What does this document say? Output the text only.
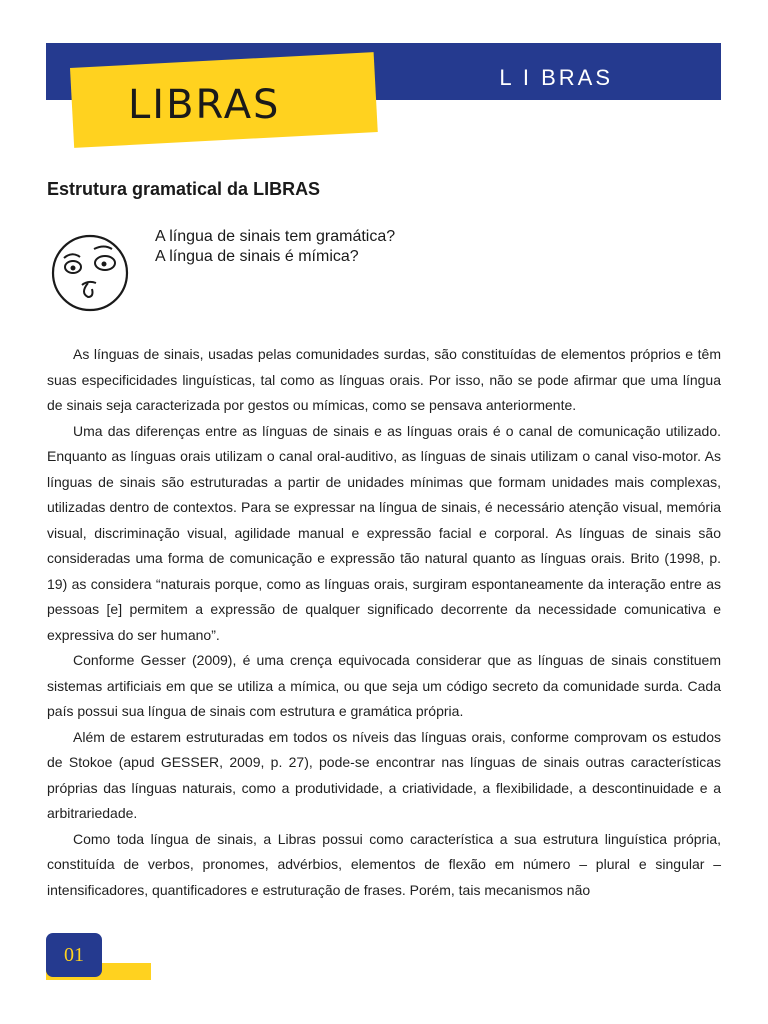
L I BRAS
LIBRAS
Estrutura gramatical da LIBRAS
A língua de sinais tem gramática?
A língua de sinais é mímica?

As línguas de sinais, usadas pelas comunidades surdas, são constituídas de elementos próprios e têm suas especificidades linguísticas, tal como as línguas orais. Por isso, não se pode afirmar que uma língua de sinais seja caracterizada por gestos ou mímicas, como se pensava anteriormente.

Uma das diferenças entre as línguas de sinais e as línguas orais é o canal de comunicação utilizado. Enquanto as línguas orais utilizam o canal oral-auditivo, as línguas de sinais utilizam o canal viso-motor. As línguas de sinais são estruturadas a partir de unidades mínimas que formam unidades mais complexas, utilizadas dentro de contextos. Para se expressar na língua de sinais, é necessário atenção visual, memória visual, discriminação visual, agilidade manual e expressão facial e corporal. As línguas de sinais são consideradas uma forma de comunicação e expressão tão natural quanto as línguas orais. Brito (1998, p. 19) as considera “naturais porque, como as línguas orais, surgiram espontaneamente da interação entre as pessoas [e] permitem a expressão de qualquer significado decorrente da necessidade comunicativa e expressiva do ser humano”.

Conforme Gesser (2009), é uma crença equivocada considerar que as línguas de sinais constituem sistemas artificiais em que se utiliza a mímica, ou que seja um código secreto da comunidade surda. Cada país possui sua língua de sinais com estrutura e gramática própria.

Além de estarem estruturadas em todos os níveis das línguas orais, conforme comprovam os estudos de Stokoe (apud GESSER, 2009, p. 27), pode-se encontrar nas línguas de sinais outras características próprias das línguas naturais, como a produtividade, a criatividade, a flexibilidade, a descontinuidade e a arbitrariedade.

Como toda língua de sinais, a Libras possui como característica a sua estrutura linguística própria, constituída de verbos, pronomes, advérbios, elementos de flexão em número – plural e singular – intensificadores, quantificadores e estruturação de frases. Porém, tais mecanismos não

01
